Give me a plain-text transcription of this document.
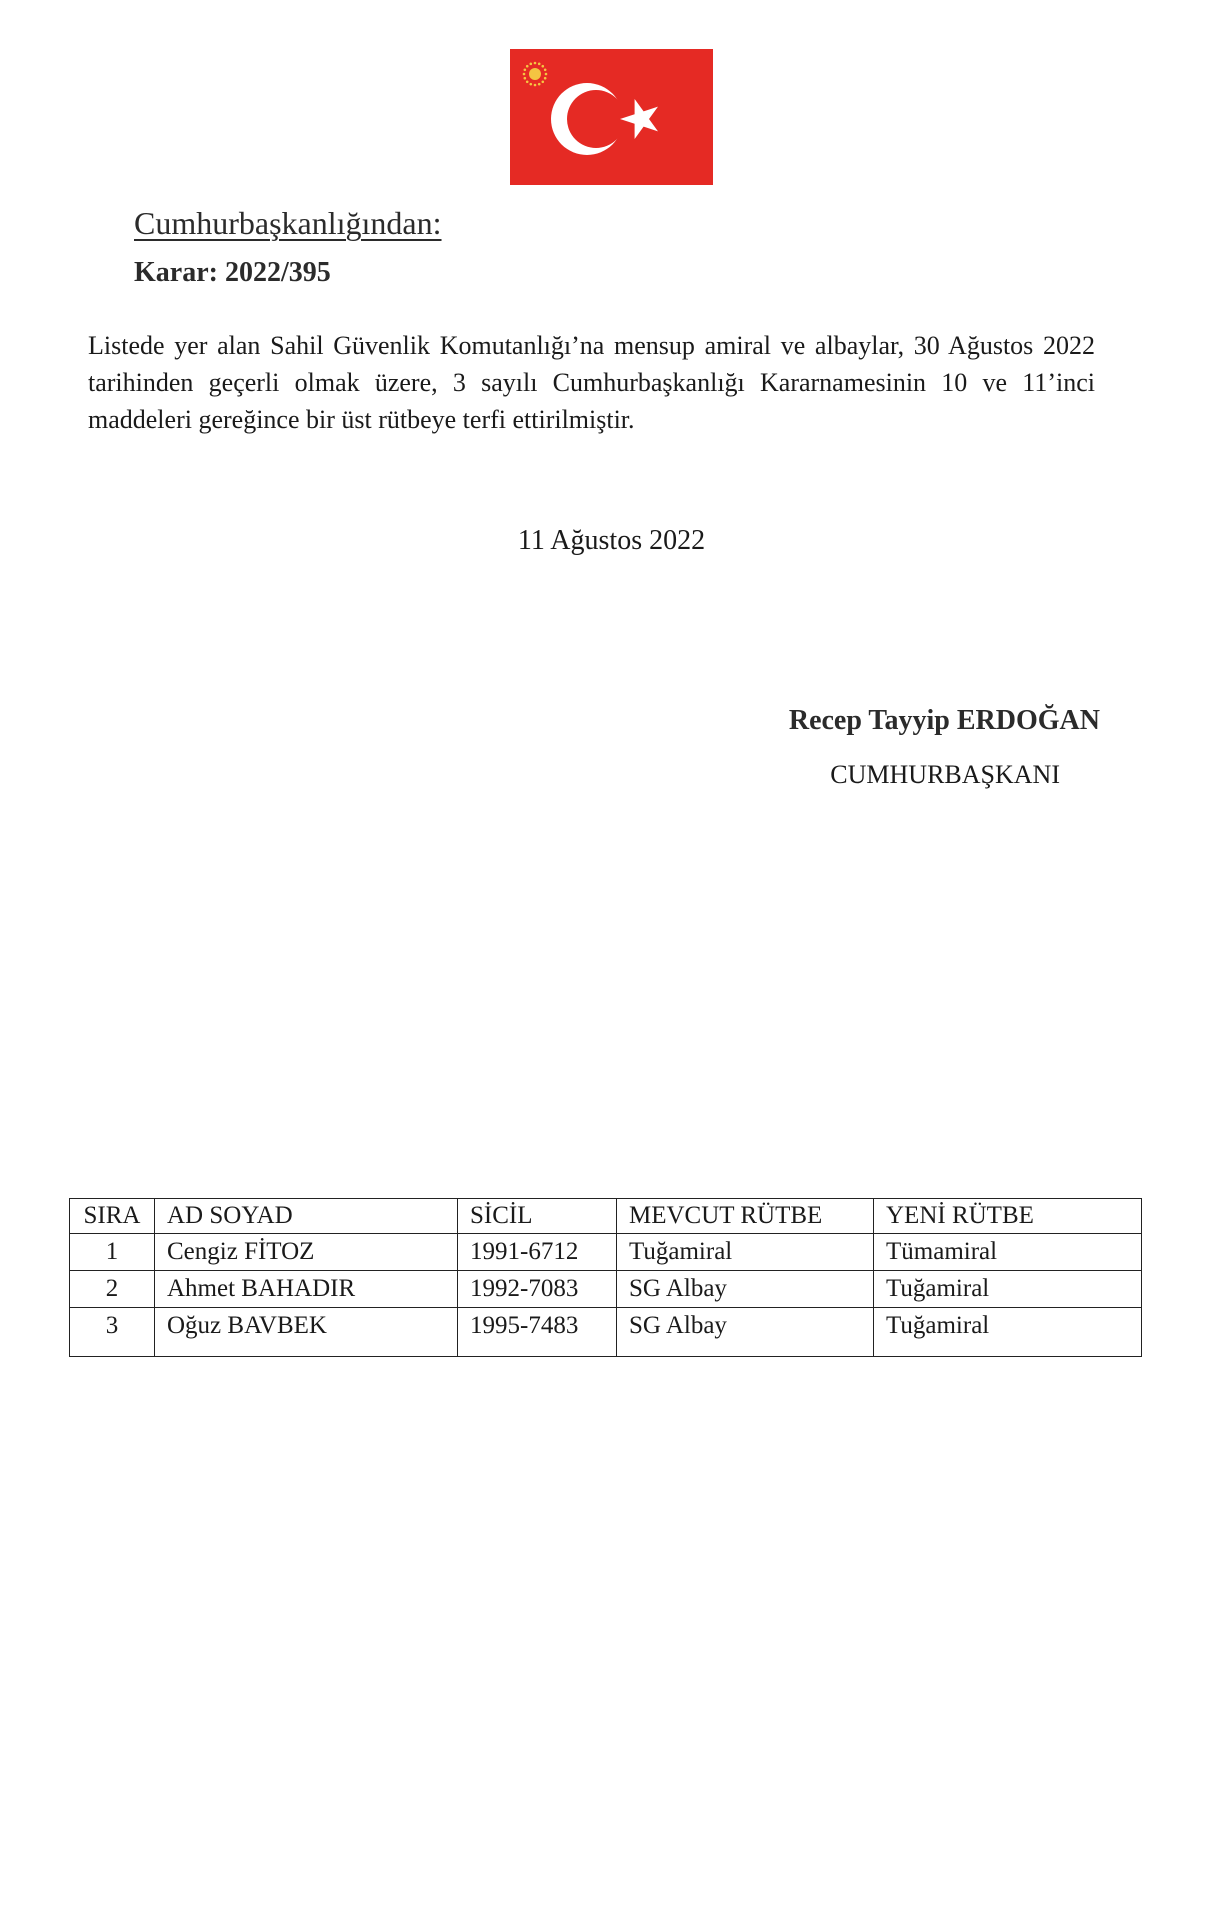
Cumhurbaşkanlığından:
Karar: 2022/395
Listede yer alan Sahil Güvenlik Komutanlığı’na mensup amiral ve albaylar, 30 Ağustos 2022 tarihinden geçerli olmak üzere, 3 sayılı Cumhurbaşkanlığı Kararnamesinin 10 ve 11’inci maddeleri gereğince bir üst rütbeye terfi ettirilmiştir.
11 Ağustos 2022
Recep Tayyip ERDOĞAN
CUMHURBAŞKANI
SIRA	AD SOYAD	SİCİL	MEVCUT RÜTBE	YENİ RÜTBE
1	Cengiz FİTOZ	1991-6712	Tuğamiral	Tümamiral
2	Ahmet BAHADIR	1992-7083	SG Albay	Tuğamiral
3	Oğuz BAVBEK	1995-7483	SG Albay	Tuğamiral
